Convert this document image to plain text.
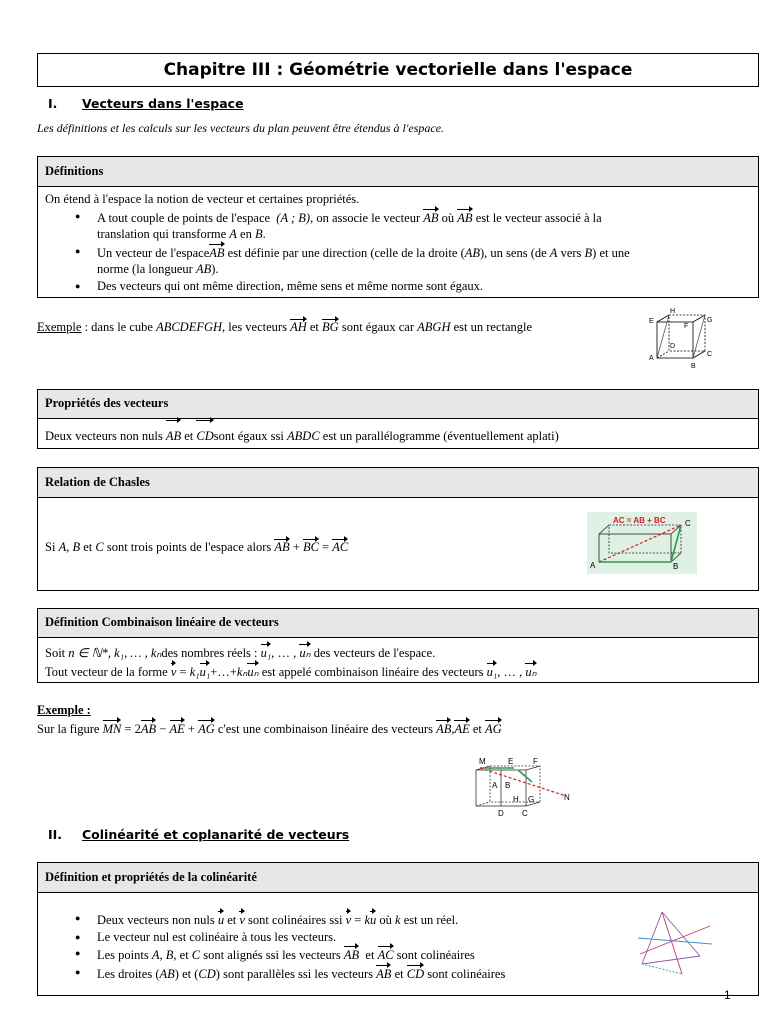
Chapitre III : Géométrie vectorielle dans l'espace
I. Vecteurs dans l'espace
Les définitions et les calculs sur les vecteurs du plan peuvent être étendus à l'espace.
Définitions
On étend à l'espace la notion de vecteur et certaines propriétés.
● A tout couple de points de l'espace (A ; B), on associe le vecteur AB où AB est le vecteur associé à la
translation qui transforme A en B.
● Un vecteur de l'espaceAB est définie par une direction (celle de la droite (AB), un sens (de A vers B) et une
norme (la longueur AB).
● Des vecteurs qui ont même direction, même sens et même norme sont égaux.
Exemple : dans le cube ABCDEFGH, les vecteurs AH et BG sont égaux car ABGH est un rectangle	E
H
G
F
A
D
C
B
Propriétés des vecteurs
Deux vecteurs non nuls AB et CDsont égaux ssi ABDC est un parallélogramme (éventuellement aplati)
Relation de Chasles
Si A, B et C sont trois points de l'espace alors AB + BC = AC
AC = AB + BC
A	B
C
Définition Combinaison linéaire de vecteurs
Soit n ∈ ℕ*, k₁, … , kₙdes nombres réels : u₁, … , uₙ des vecteurs de l'espace.
Tout vecteur de la forme v = k₁u₁+…+kₙuₙ est appelé combinaison linéaire des vecteurs u₁, … , uₙ
Exemple :
Sur la figure MN = 2AB − AE + AG c'est une combinaison linéaire des vecteurs AB,AE et AG
M	E F
A B
H G	N
D C
II. Colinéarité et coplanarité de vecteurs
Définition et propriétés de la colinéarité
● Deux vecteurs non nuls u et v sont colinéaires ssi v = ku où k est un réel.
● Le vecteur nul est colinéaire à tous les vecteurs.
● Les points A, B, et C sont alignés ssi les vecteurs AB  et AC sont colinéaires
● Les droites (AB) et (CD) sont parallèles ssi les vecteurs AB et CD sont colinéaires
1
